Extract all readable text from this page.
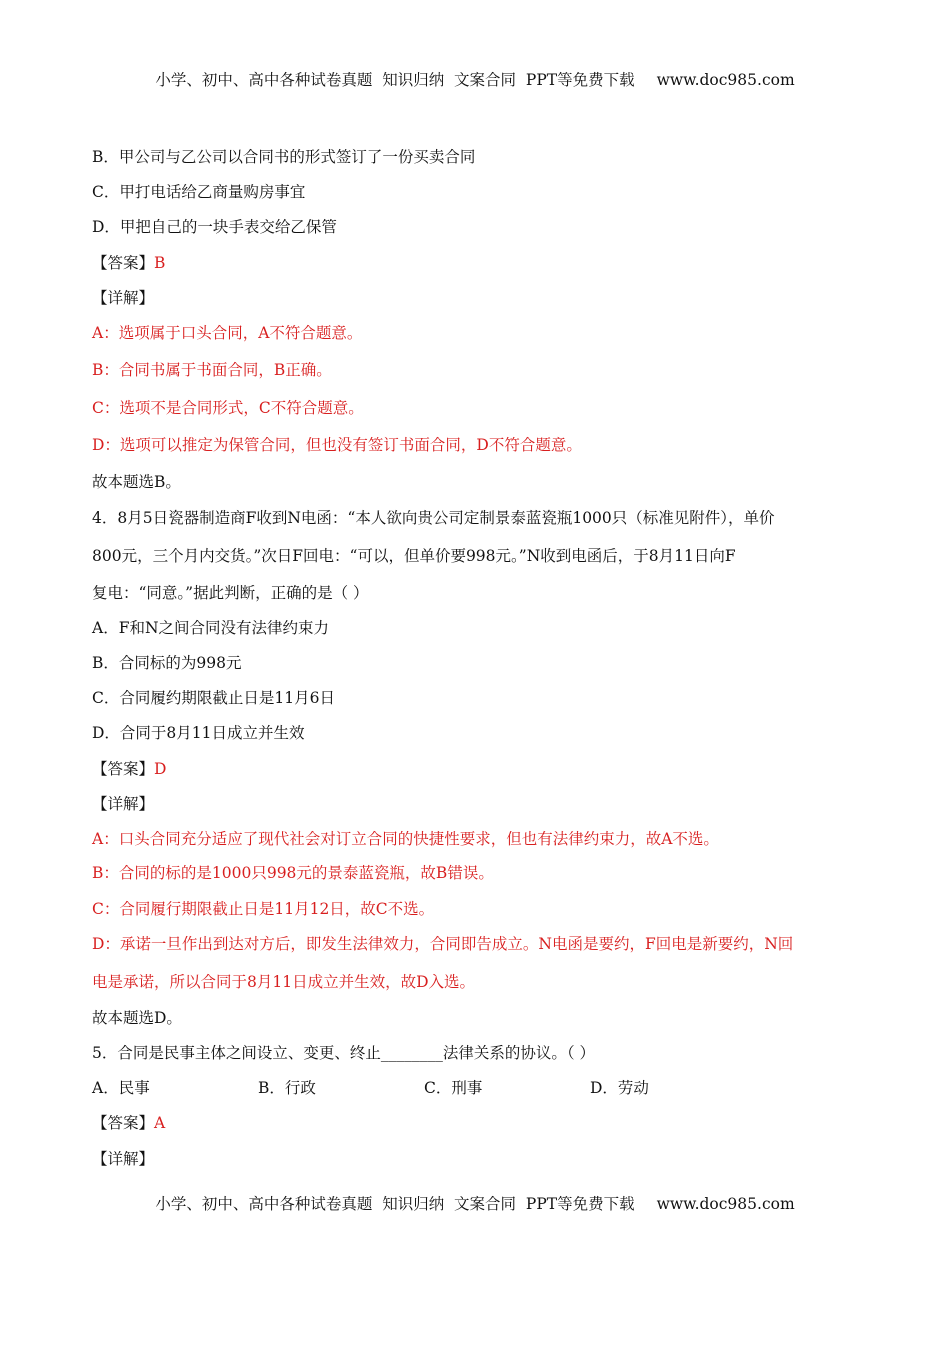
小学、初中、高中各种试卷真题  知识归纳  文案合同  PPT等免费下载 www.doc985.com
B．甲公司与乙公司以合同书的形式签订了一份买卖合同
C．甲打电话给乙商量购房事宜
D．甲把自己的一块手表交给乙保管
【答案】B
【详解】
A：选项属于口头合同，A不符合题意。
B：合同书属于书面合同，B正确。
C：选项不是合同形式，C不符合题意。
D：选项可以推定为保管合同，但也没有签订书面合同，D不符合题意。
故本题选B。
4．8月5日瓷器制造商F收到N电函：“本人欲向贵公司定制景泰蓝瓷瓶1000只（标准见附件），单价
800元，三个月内交货。”次日F回电：“可以，但单价要998元。”N收到电函后，于8月11日向F
复电：“同意。”据此判断，正确的是（ ）
A．F和N之间合同没有法律约束力
B．合同标的为998元
C．合同履约期限截止日是11月6日
D．合同于8月11日成立并生效
【答案】D
【详解】
A：口头合同充分适应了现代社会对订立合同的快捷性要求，但也有法律约束力，故A不选。
B：合同的标的是1000只998元的景泰蓝瓷瓶，故B错误。
C：合同履行期限截止日是11月12日，故C不选。
D：承诺一旦作出到达对方后，即发生法律效力，合同即告成立。N电函是要约，F回电是新要约，N回
电是承诺，所以合同于8月11日成立并生效，故D入选。
故本题选D。
5．合同是民事主体之间设立、变更、终止________法律关系的协议。（ ）
A．民事	B．行政	C．刑事	D．劳动
【答案】A
【详解】
小学、初中、高中各种试卷真题  知识归纳  文案合同  PPT等免费下载 www.doc985.com
